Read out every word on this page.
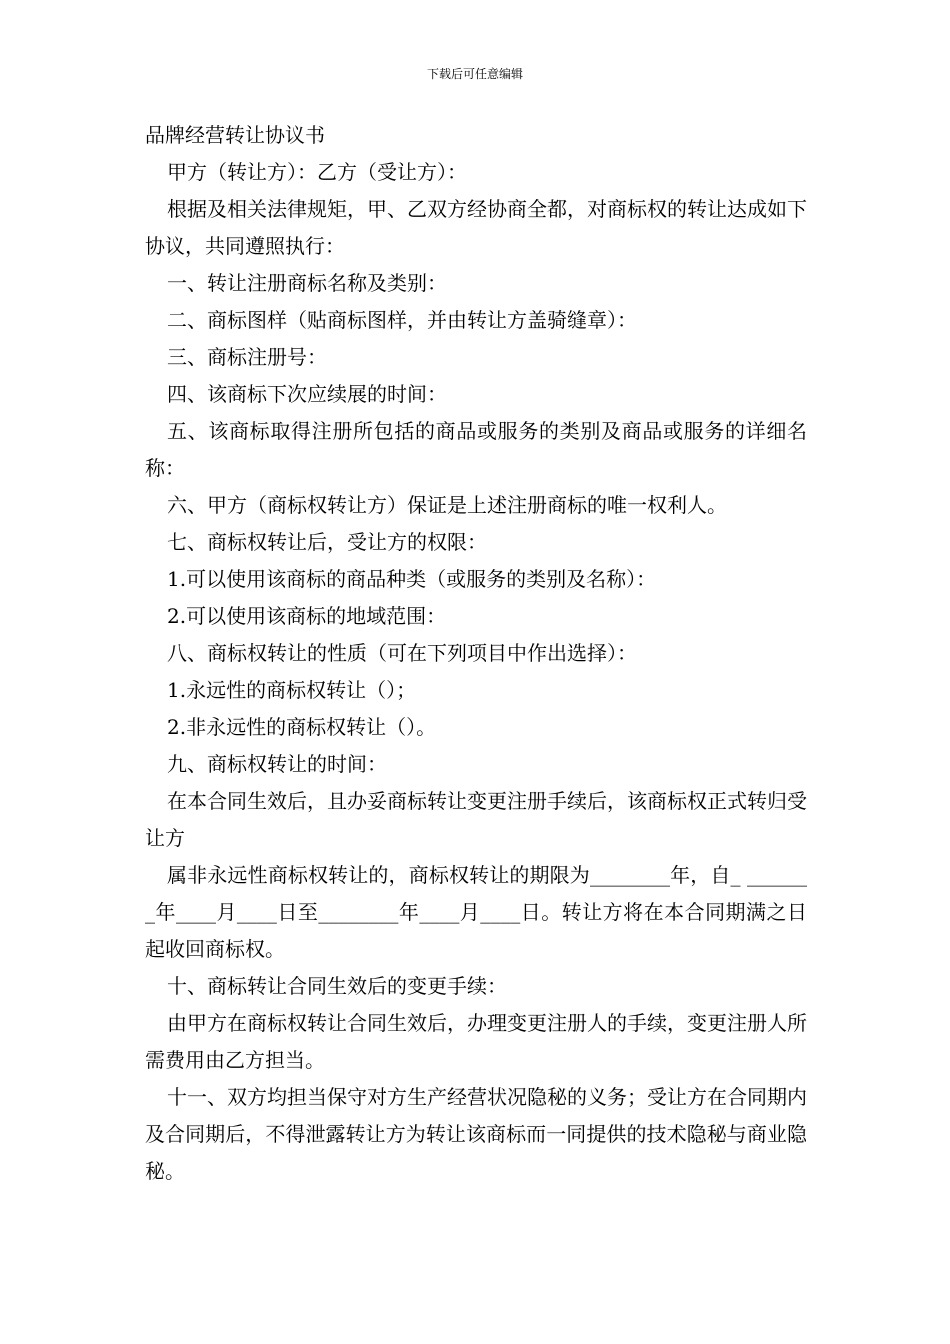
下载后可任意编辑

品牌经营转让协议书

甲方（转让方）：乙方（受让方）：

根据及相关法律规矩，甲、乙双方经协商全都，对商标权的转让达成如下协议，共同遵照执行：

一、转让注册商标名称及类别：

二、商标图样（贴商标图样，并由转让方盖骑缝章）：

三、商标注册号：

四、该商标下次应续展的时间：

五、该商标取得注册所包括的商品或服务的类别及商品或服务的详细名称：

六、甲方（商标权转让方）保证是上述注册商标的唯一权利人。

七、商标权转让后，受让方的权限：

1.可以使用该商标的商品种类（或服务的类别及名称）：

2.可以使用该商标的地域范围：

八、商标权转让的性质（可在下列项目中作出选择）：

1.永远性的商标权转让（）；

2.非永远性的商标权转让（）。

九、商标权转让的时间：

在本合同生效后，且办妥商标转让变更注册手续后，该商标权正式转归受让方

属非永远性商标权转让的，商标权转让的期限为________年，自_ _______年____月____日至________年____月____日。转让方将在本合同期满之日起收回商标权。

十、商标转让合同生效后的变更手续：

由甲方在商标权转让合同生效后，办理变更注册人的手续，变更注册人所需费用由乙方担当。

十一、双方均担当保守对方生产经营状况隐秘的义务；受让方在合同期内及合同期后，不得泄露转让方为转让该商标而一同提供的技术隐秘与商业隐秘。
